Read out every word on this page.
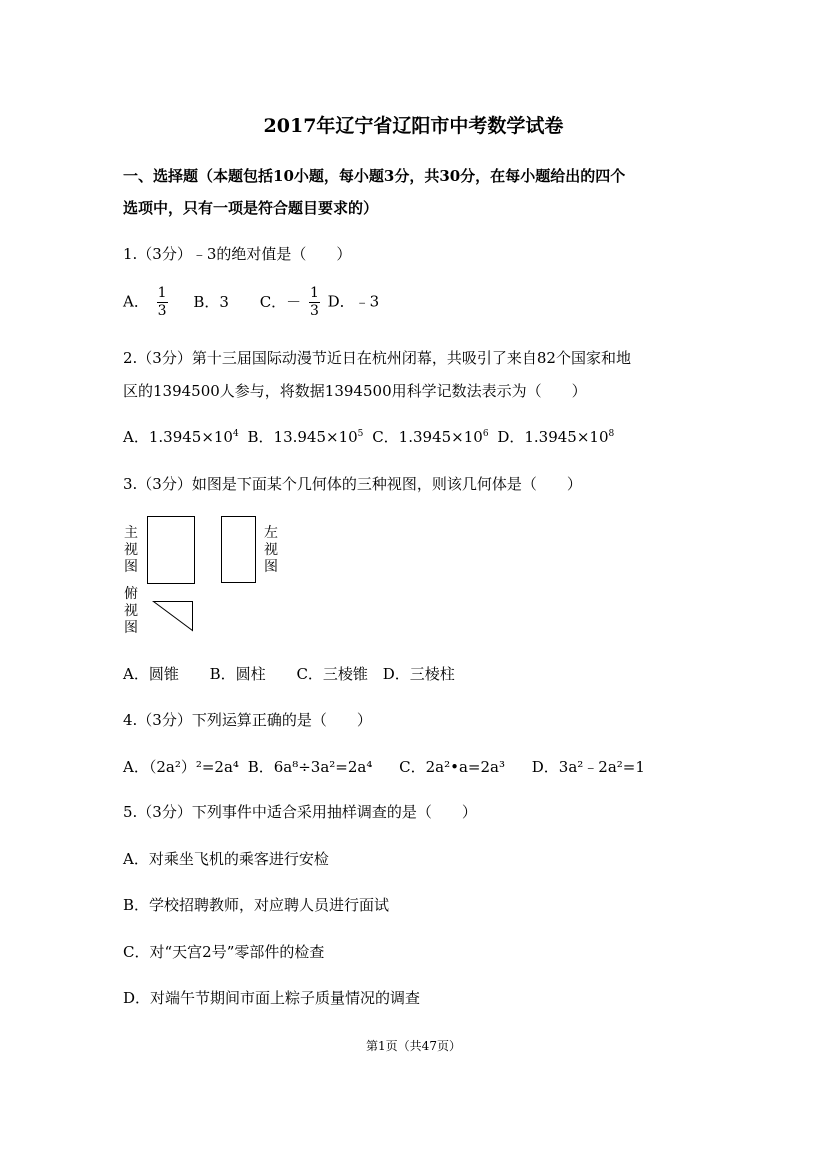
2017年辽宁省辽阳市中考数学试卷
一、选择题（本题包括10小题，每小题3分，共30分，在每小题给出的四个
选项中，只有一项是符合题目要求的）
1.（3分）﹣3的绝对值是（　　）
A． $\frac{1}{3}$ B．3 C．－ $\frac{1}{3}$ D．﹣3
2.（3分）第十三届国际动漫节近日在杭州闭幕，共吸引了来自82个国家和地
区的1394500人参与，将数据1394500用科学记数法表示为（　　）
A．$1.3945\times 10^4$ B．$13.945\times 10^5$ C．$1.3945\times 10^6$ D．$1.3945\times 10^8$
3.（3分）如图是下面某个几何体的三种视图，则该几何体是（　　）
主视图
左视图
俯视图
A．圆锥 B．圆柱 C．三棱锥 D．三棱柱
4.（3分）下列运算正确的是（　　）
A．（2a²）²=2a⁴ B．6a⁸÷3a²=2a⁴ C．2a²•a=2a³ D．3a²﹣2a²=1
5.（3分）下列事件中适合采用抽样调查的是（　　）
A．对乘坐飞机的乘客进行安检
B．学校招聘教师，对应聘人员进行面试
C．对“天宫2号”零部件的检查
D．对端午节期间市面上粽子质量情况的调查
第1页（共47页）
